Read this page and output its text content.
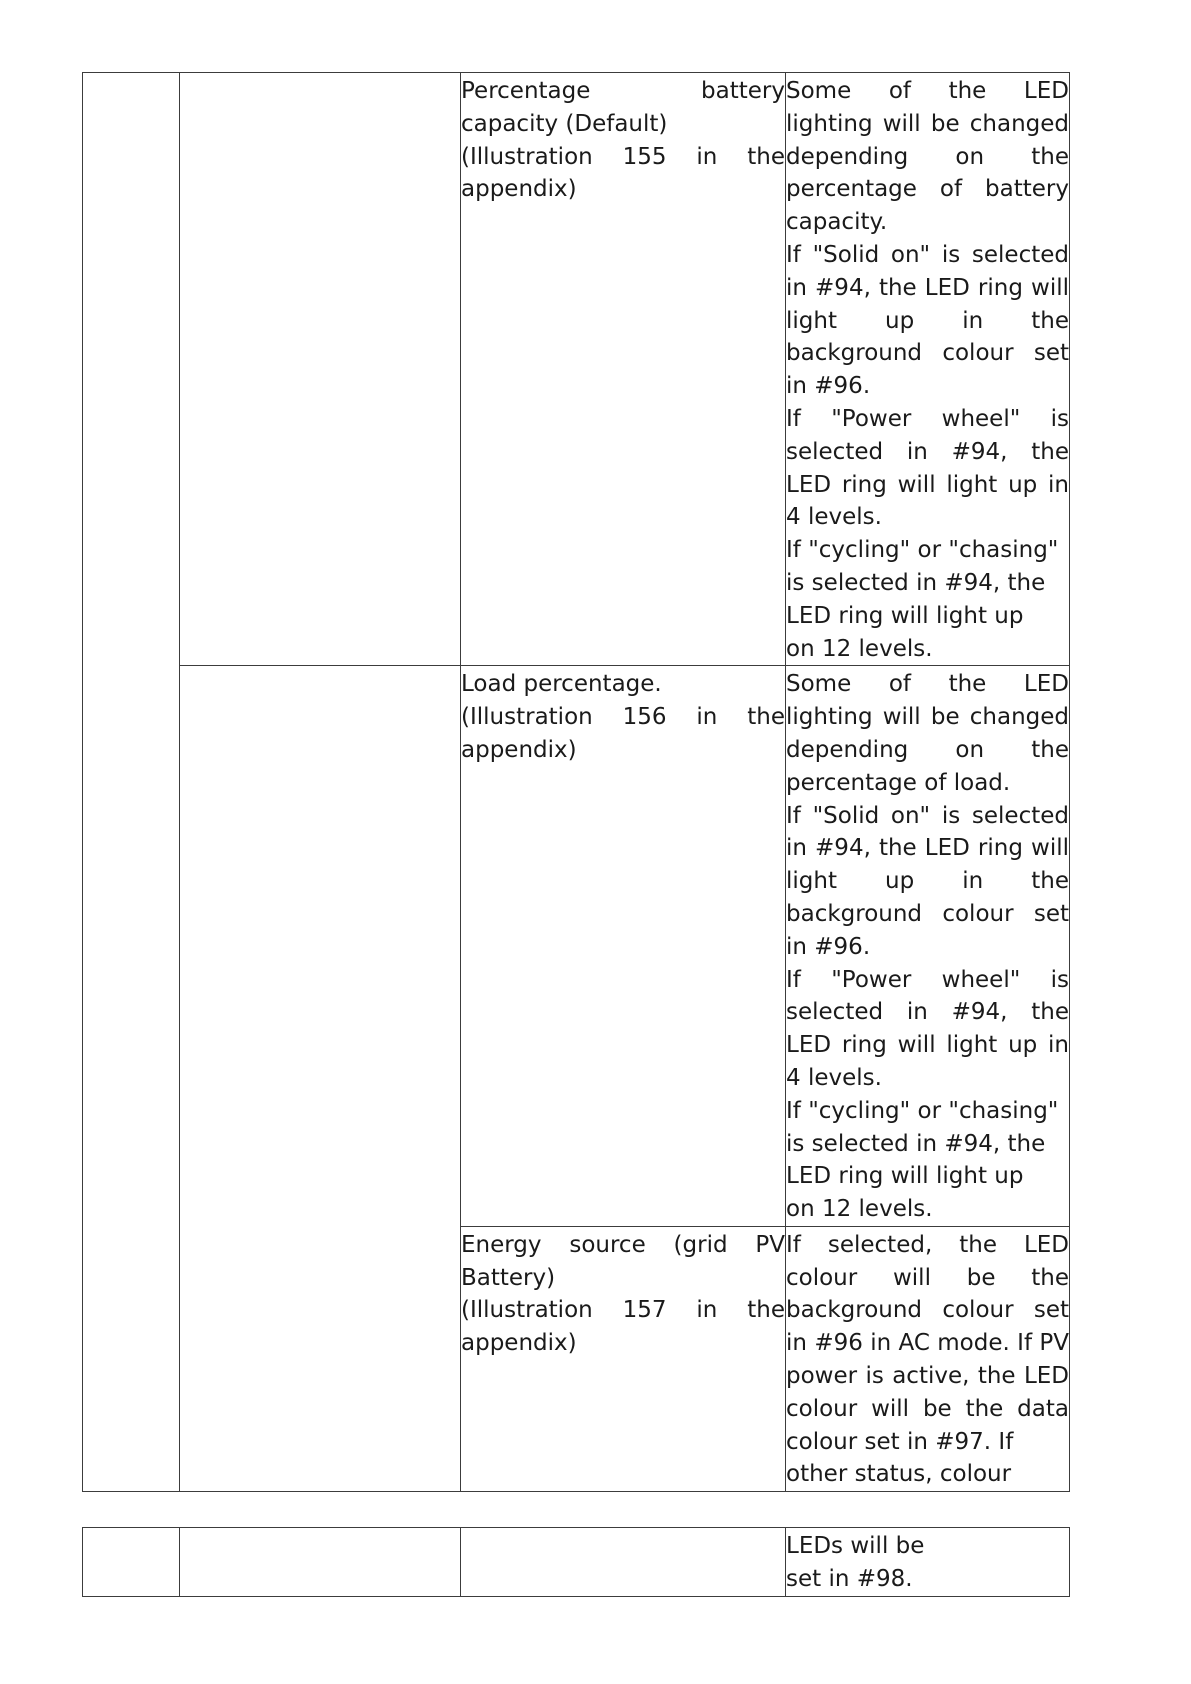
		Percentage battery capacity (Default)
(Illustration 155 in the appendix)	Some of the LED lighting will be changed depending on the percentage of battery capacity.
If "Solid on" is selected in #94, the LED ring will light up in the background colour set in #96.
If "Power wheel" is selected in #94, the LED ring will light up in 4 levels.
If "cycling" or "chasing" is selected in #94, the LED ring will light up
on 12 levels.

		Load percentage.
(Illustration 156 in the appendix)	Some of the LED lighting will be changed depending on the percentage of load.
If "Solid on" is selected in #94, the LED ring will light up in the background colour set in #96.
If "Power wheel" is selected in #94, the LED ring will light up in 4 levels.
If "cycling" or "chasing" is selected in #94, the LED ring will light up
on 12 levels.

		Energy source (grid PV Battery)
(Illustration 157 in the appendix)	If selected, the LED colour will be the background colour set in #96 in AC mode. If PV power is active, the LED colour will be the data colour set in #97. If
other status, colour

LEDs will be
set in #98.
